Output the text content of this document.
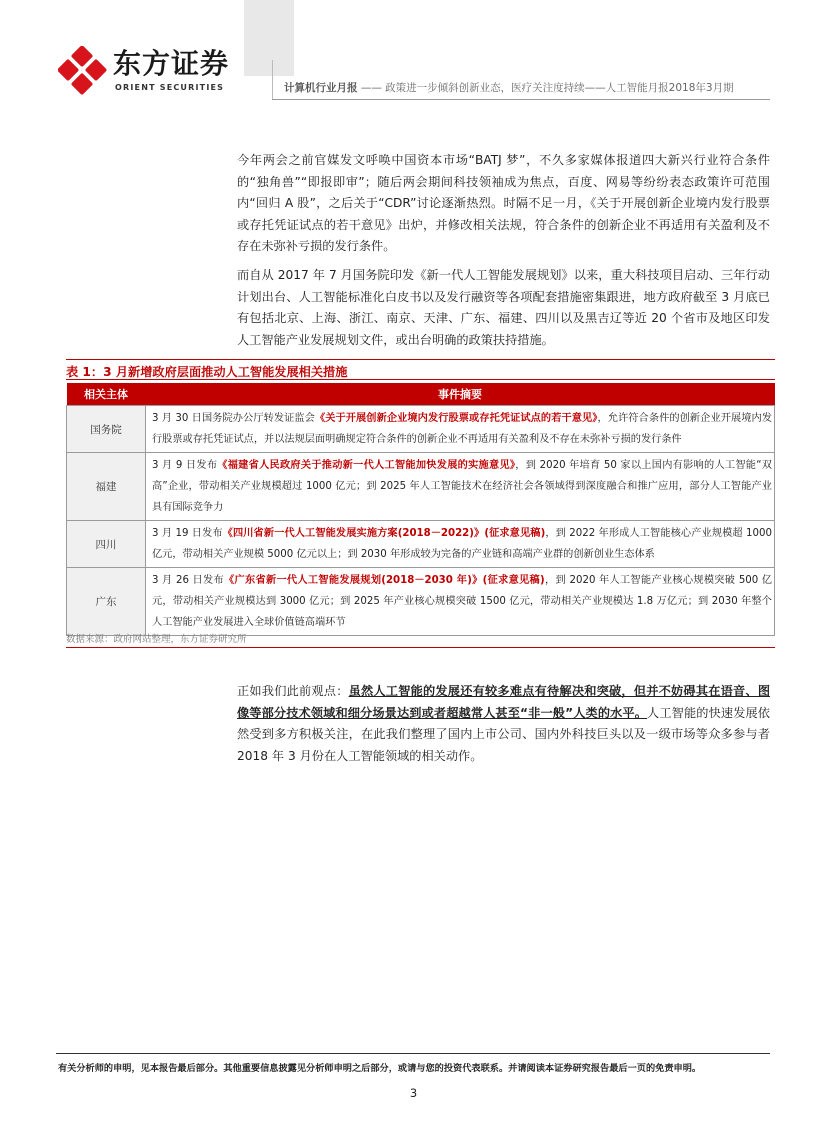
东方证券
ORIENT SECURITIES	计算机行业月报 —— 政策进一步倾斜创新业态，医疗关注度持续——人工智能月报2018年3月期
今年两会之前官媒发文呼唤中国资本市场“BATJ 梦”，不久多家媒体报道四大新兴行业符合条件的“独角兽”“即报即审”；随后两会期间科技领袖成为焦点，百度、网易等纷纷表态政策许可范围内“回归 A 股”，之后关于“CDR”讨论逐渐热烈。时隔不足一月，《关于开展创新企业境内发行股票或存托凭证试点的若干意见》出炉，并修改相关法规，符合条件的创新企业不再适用有关盈利及不存在未弥补亏损的发行条件。
而自从 2017 年 7 月国务院印发《新一代人工智能发展规划》以来，重大科技项目启动、三年行动计划出台、人工智能标准化白皮书以及发行融资等各项配套措施密集跟进，地方政府截至 3 月底已有包括北京、上海、浙江、南京、天津、广东、福建、四川以及黑吉辽等近 20 个省市及地区印发人工智能产业发展规划文件，或出台明确的政策扶持措施。
表 1：3 月新增政府层面推动人工智能发展相关措施
相关主体	事件摘要
国务院	3 月 30 日国务院办公厅转发证监会《关于开展创新企业境内发行股票或存托凭证试点的若干意见》，允许符合条件的创新企业开展境内发行股票或存托凭证试点，并以法规层面明确规定符合条件的创新企业不再适用有关盈利及不存在未弥补亏损的发行条件
福建	3 月 9 日发布《福建省人民政府关于推动新一代人工智能加快发展的实施意见》，到 2020 年培育 50 家以上国内有影响的人工智能“双高”企业，带动相关产业规模超过 1000 亿元；到 2025 年人工智能技术在经济社会各领域得到深度融合和推广应用，部分人工智能产业具有国际竞争力
四川	3 月 19 日发布《四川省新一代人工智能发展实施方案(2018－2022)》(征求意见稿)，到 2022 年形成人工智能核心产业规模超 1000 亿元，带动相关产业规模 5000 亿元以上；到 2030 年形成较为完备的产业链和高端产业群的创新创业生态体系
广东	3 月 26 日发布《广东省新一代人工智能发展规划(2018－2030 年)》(征求意见稿)，到 2020 年人工智能产业核心规模突破 500 亿元，带动相关产业规模达到 3000 亿元；到 2025 年产业核心规模突破 1500 亿元，带动相关产业规模达 1.8 万亿元；到 2030 年整个人工智能产业发展进入全球价值链高端环节
数据来源：政府网站整理，东方证券研究所
正如我们此前观点：虽然人工智能的发展还有较多难点有待解决和突破，但并不妨碍其在语音、图像等部分技术领域和细分场景达到或者超越常人甚至“非一般”人类的水平。人工智能的快速发展依然受到多方积极关注，在此我们整理了国内上市公司、国内外科技巨头以及一级市场等众多参与者 2018 年 3 月份在人工智能领域的相关动作。
有关分析师的申明，见本报告最后部分。其他重要信息披露见分析师申明之后部分，或请与您的投资代表联系。并请阅读本证券研究报告最后一页的免责申明。
3
